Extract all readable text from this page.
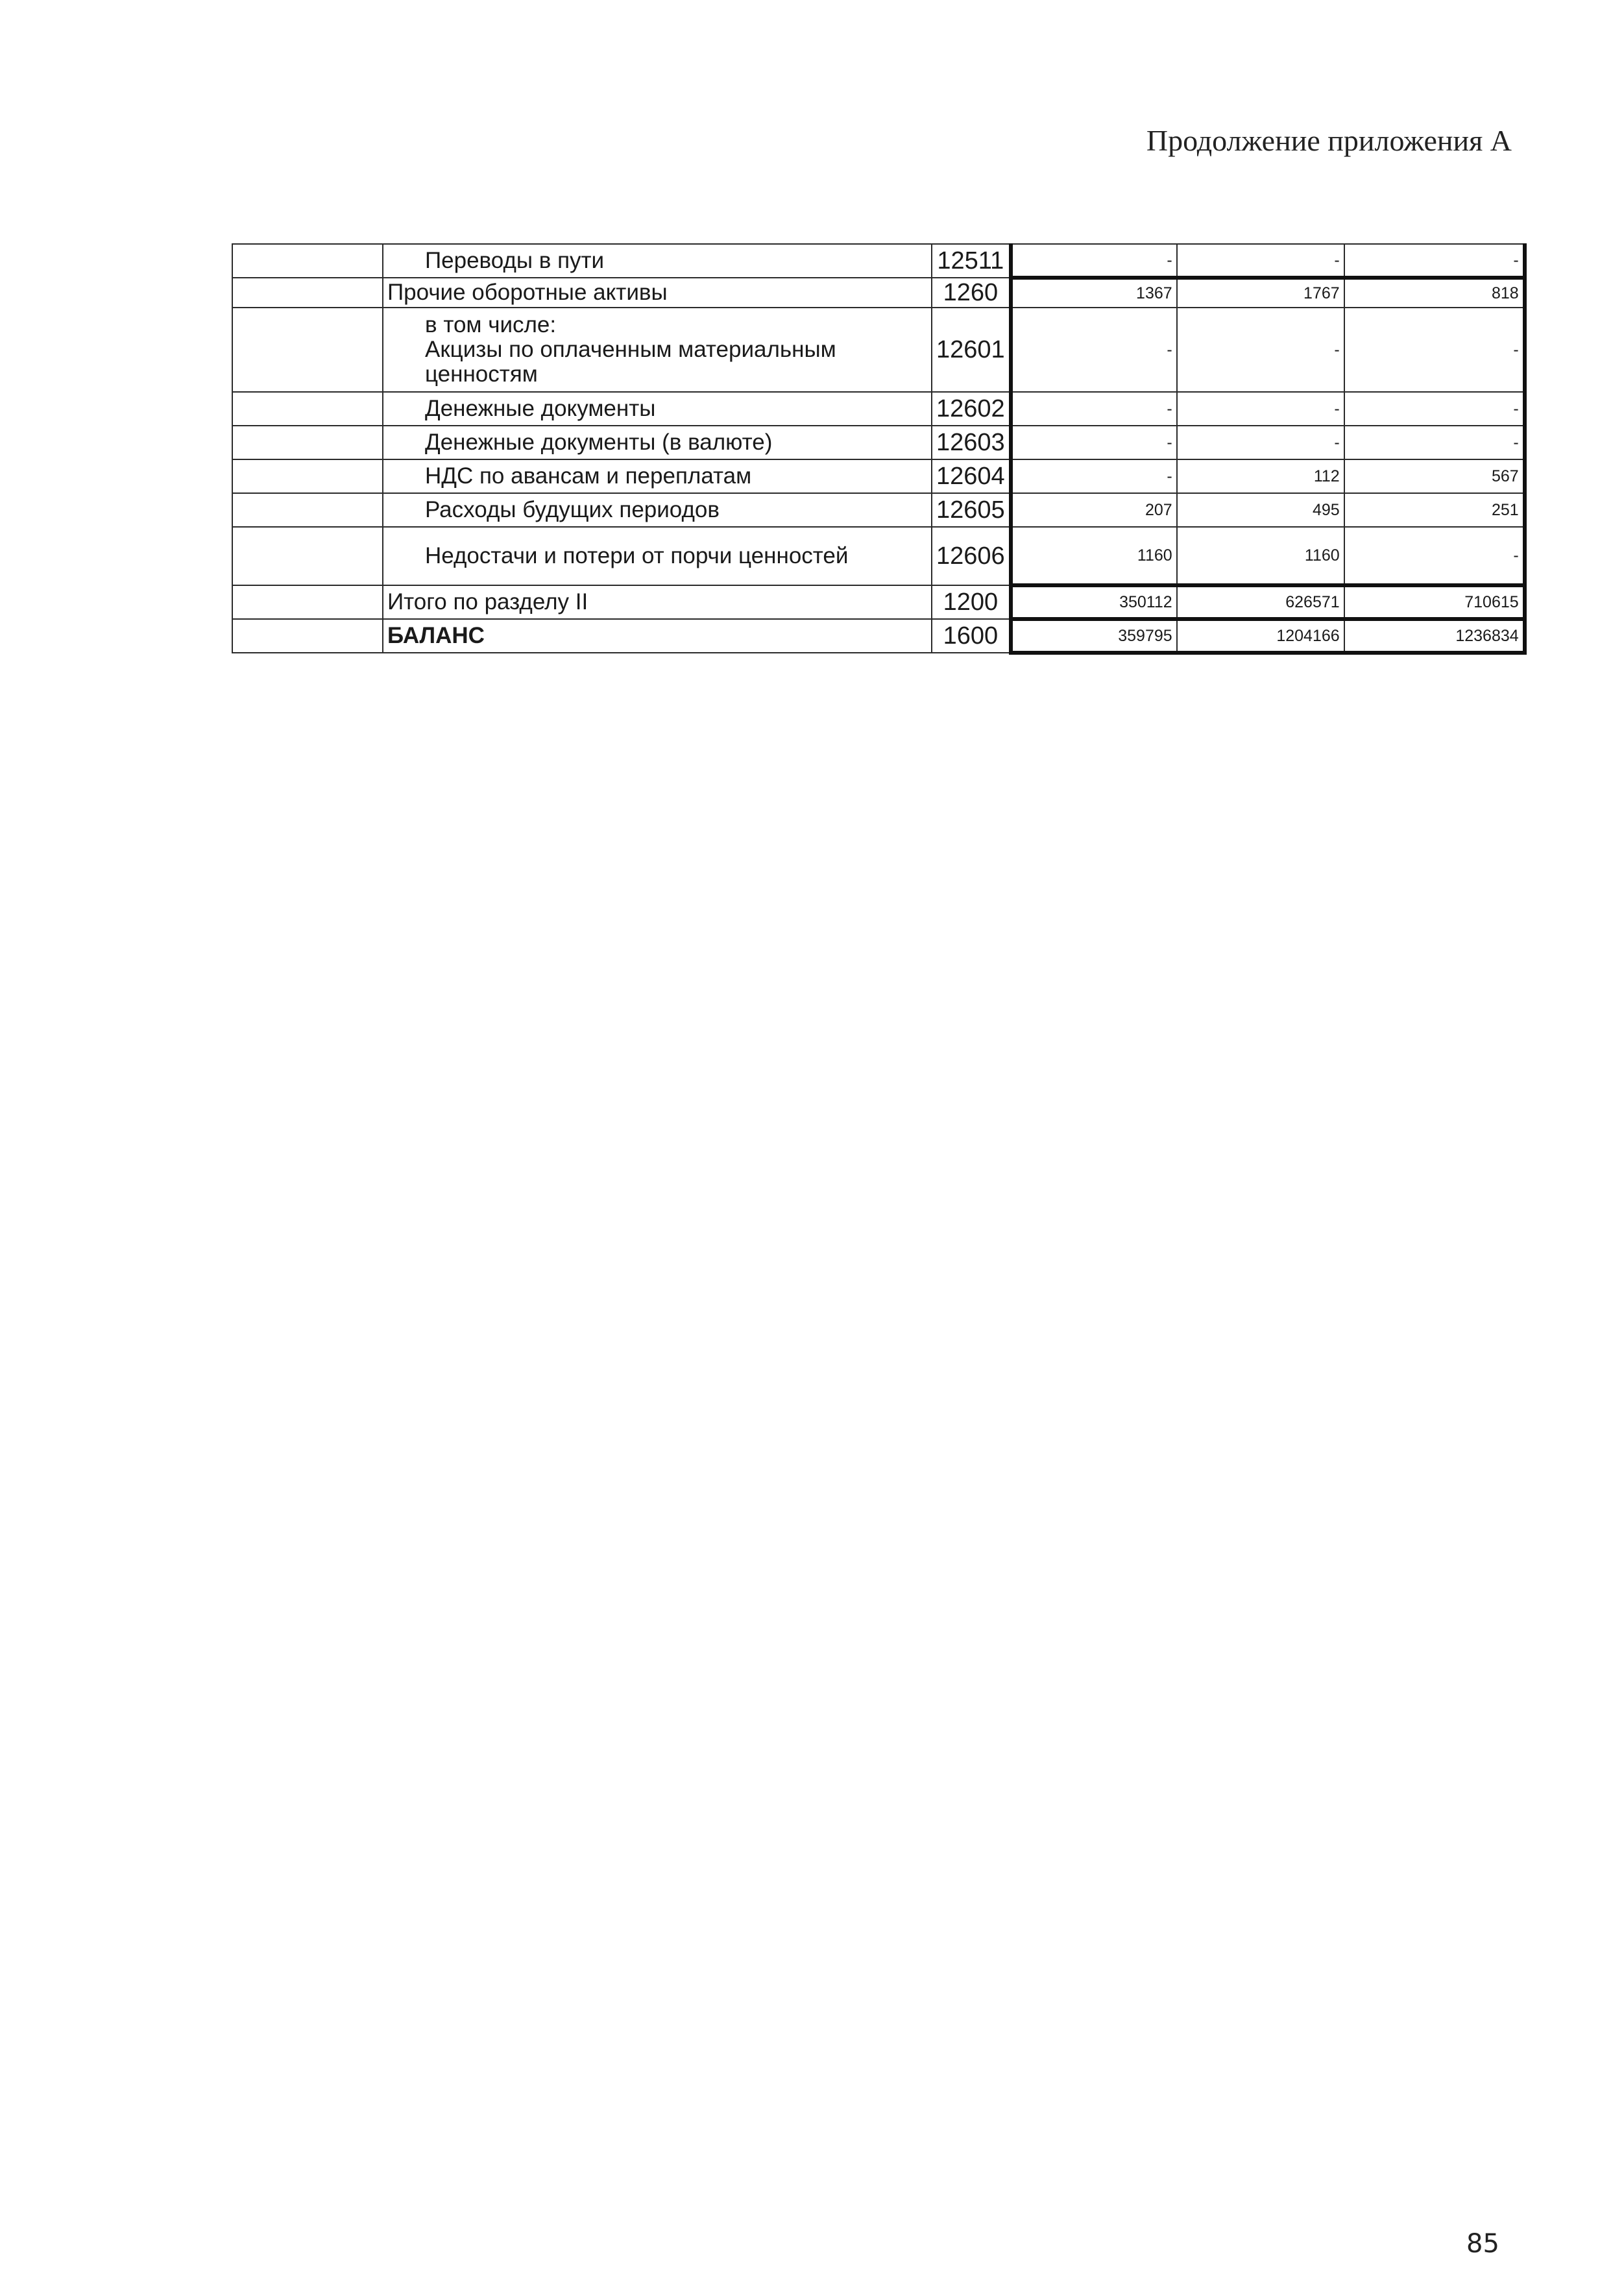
Продолжение приложения А
	Переводы в пути	12511	-	-	-
	Прочие оборотные активы	1260	1367	1767	818

	в том числе:
Акцизы по оплаченным материальным ценностям	12601	-	-	-
	Денежные документы	12602	-	-	-
	Денежные документы (в валюте)	12603	-	-	-
	НДС по авансам и переплатам	12604	-	112	567
	Расходы будущих периодов	12605	207	495	251
	Недостачи и потери от порчи ценностей	12606	1160	1160	-
	Итого по разделу II	1200	350112	626571	710615
	БАЛАНС	1600	359795	1204166	1236834
85
